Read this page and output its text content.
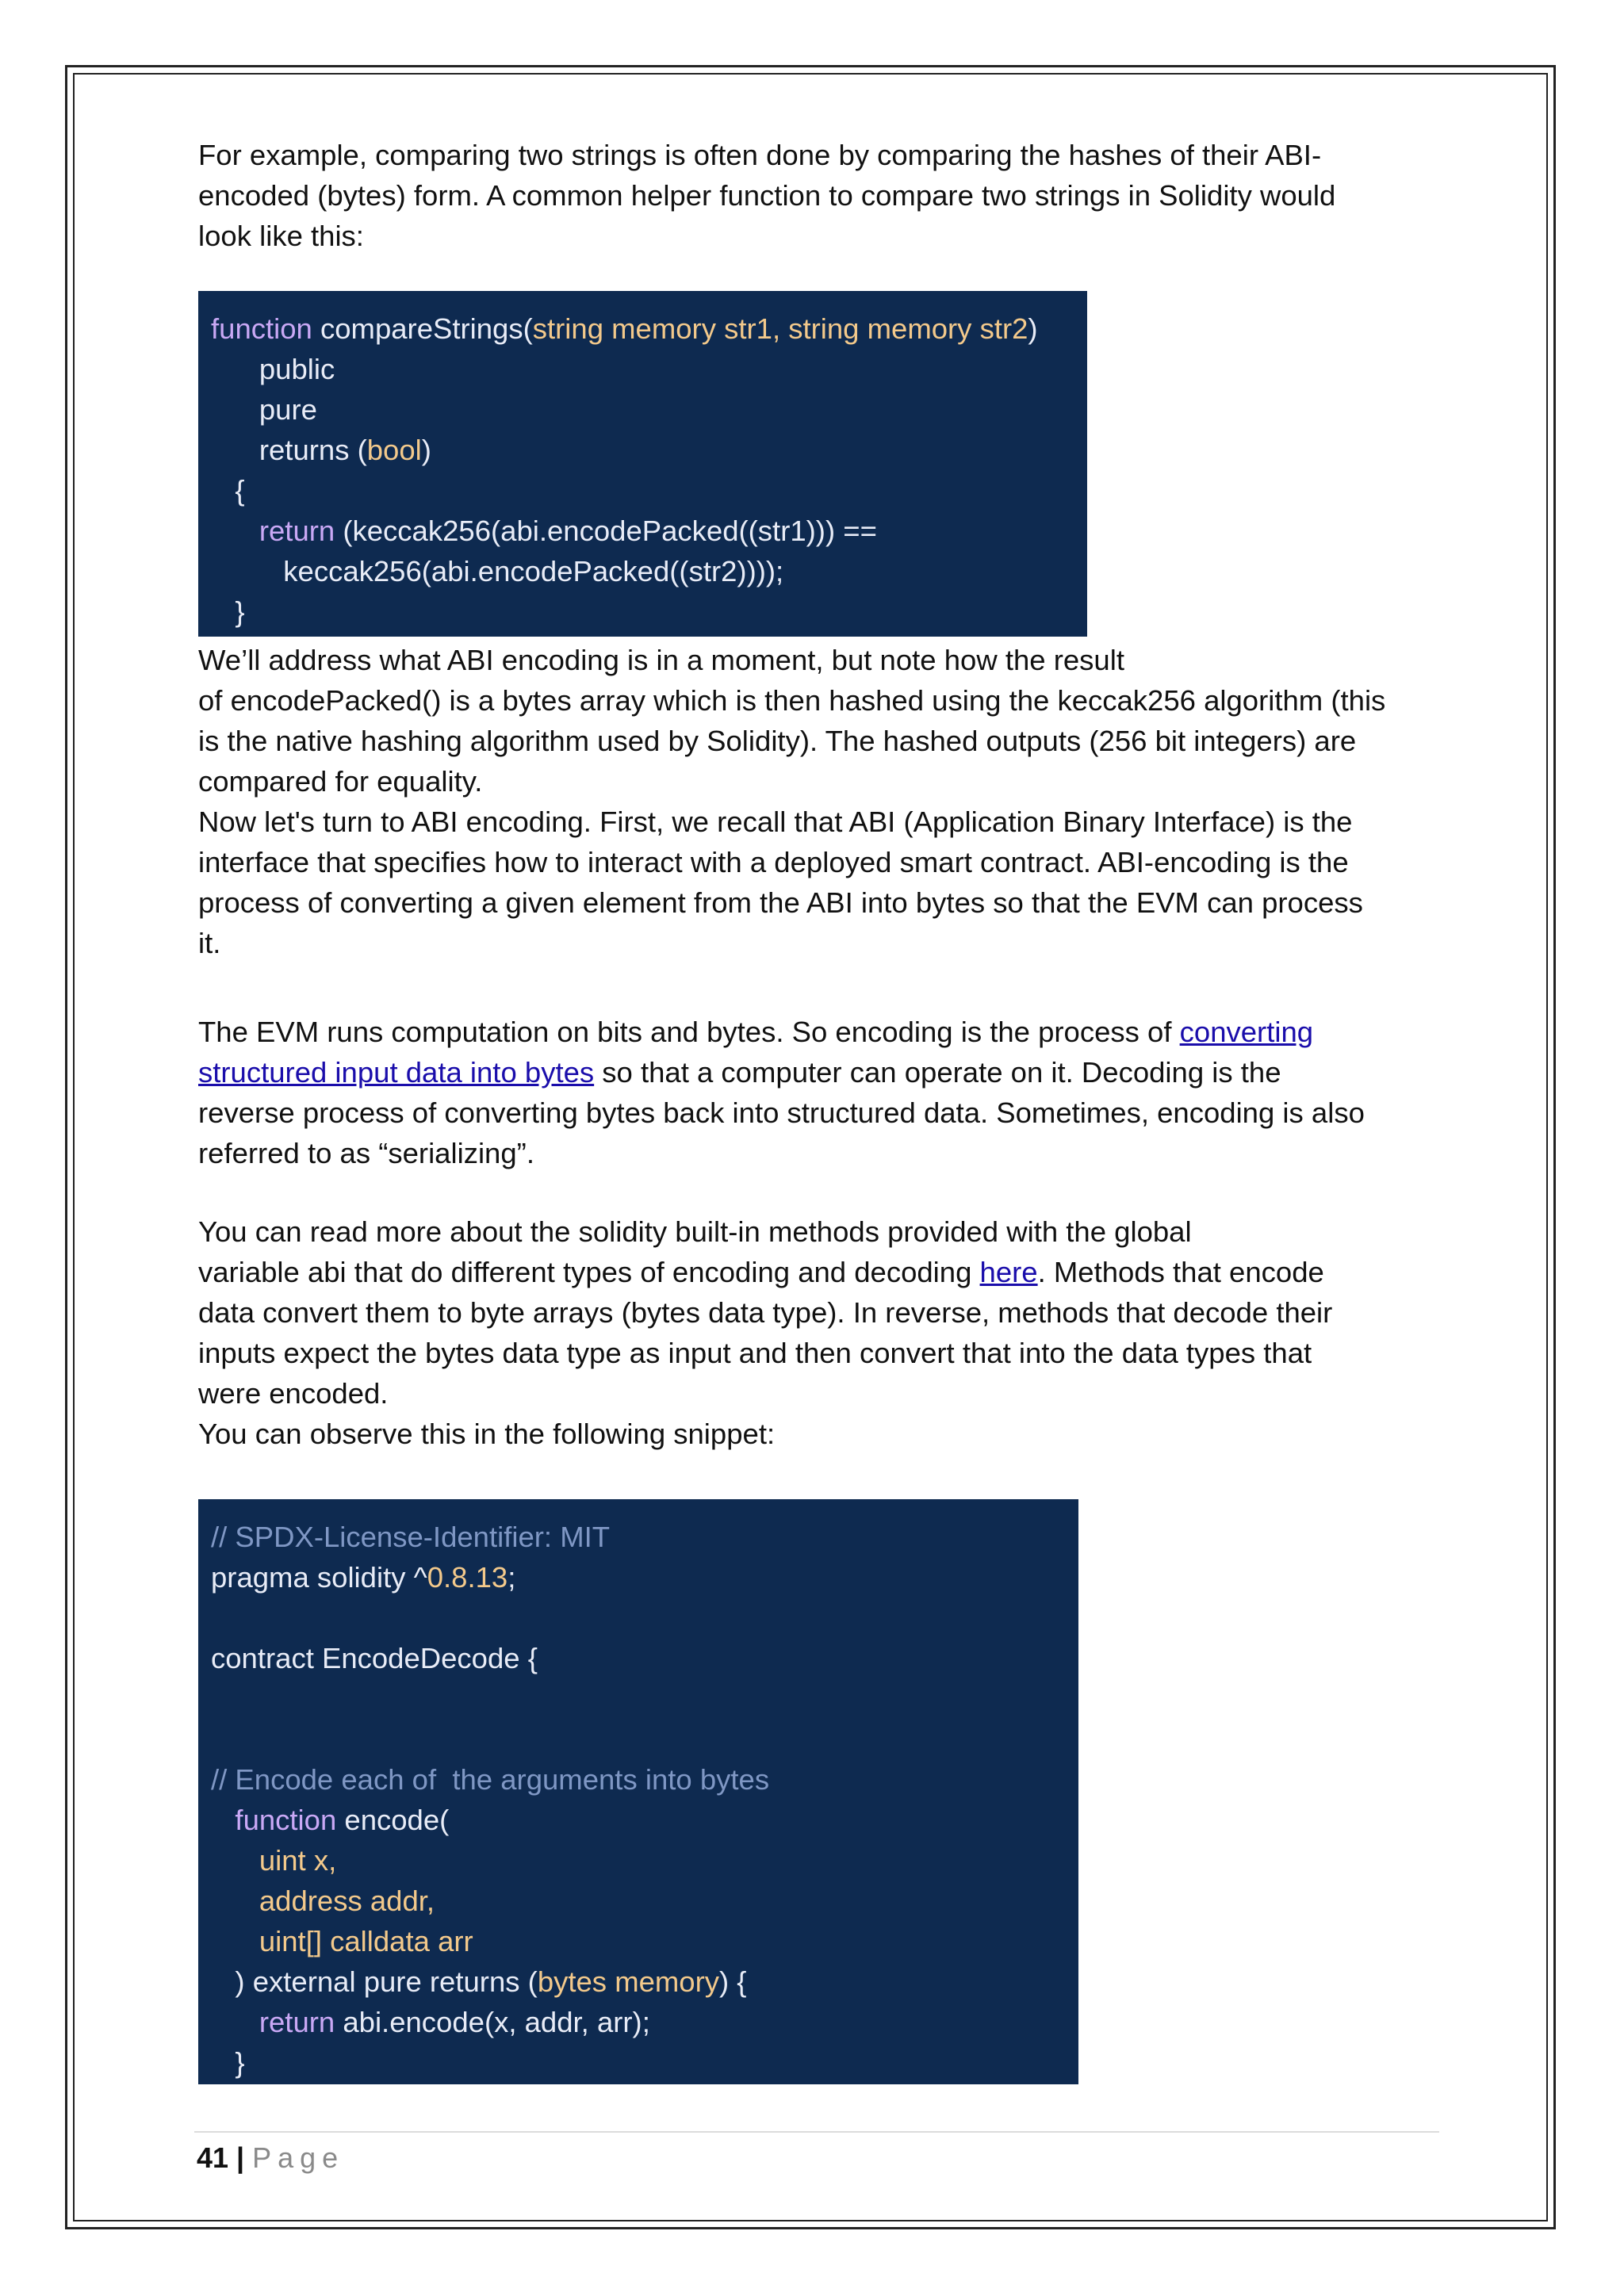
For example, comparing two strings is often done by comparing the hashes of their ABI-

encoded (bytes) form. A common helper function to compare two strings in Solidity would

look like this:

function compareStrings(string memory str1, string memory str2)
public
pure
returns (bool)
{
return (keccak256(abi.encodePacked((str1))) ==
keccak256(abi.encodePacked((str2))));
}

We’ll address what ABI encoding is in a moment, but note how the result

of encodePacked() is a bytes array which is then hashed using the keccak256 algorithm (this

is the native hashing algorithm used by Solidity). The hashed outputs (256 bit integers) are

compared for equality.

Now let's turn to ABI encoding. First, we recall that ABI (Application Binary Interface) is the

interface that specifies how to interact with a deployed smart contract. ABI-encoding is the

process of converting a given element from the ABI into bytes so that the EVM can process

it.

The EVM runs computation on bits and bytes. So encoding is the process of converting

structured input data into bytes so that a computer can operate on it. Decoding is the

reverse process of converting bytes back into structured data. Sometimes, encoding is also

referred to as “serializing”.

You can read more about the solidity built-in methods provided with the global

variable abi that do different types of encoding and decoding here. Methods that encode

data convert them to byte arrays (bytes data type). In reverse, methods that decode their

inputs expect the bytes data type as input and then convert that into the data types that

were encoded.

You can observe this in the following snippet:

// SPDX-License-Identifier: MIT
pragma solidity ^0.8.13;
contract EncodeDecode {
// Encode each of  the arguments into bytes
function encode(
uint x,
address addr,
uint[] calldata arr
) external pure returns (bytes memory) {
return abi.encode(x, addr, arr);
}
41 | Page
